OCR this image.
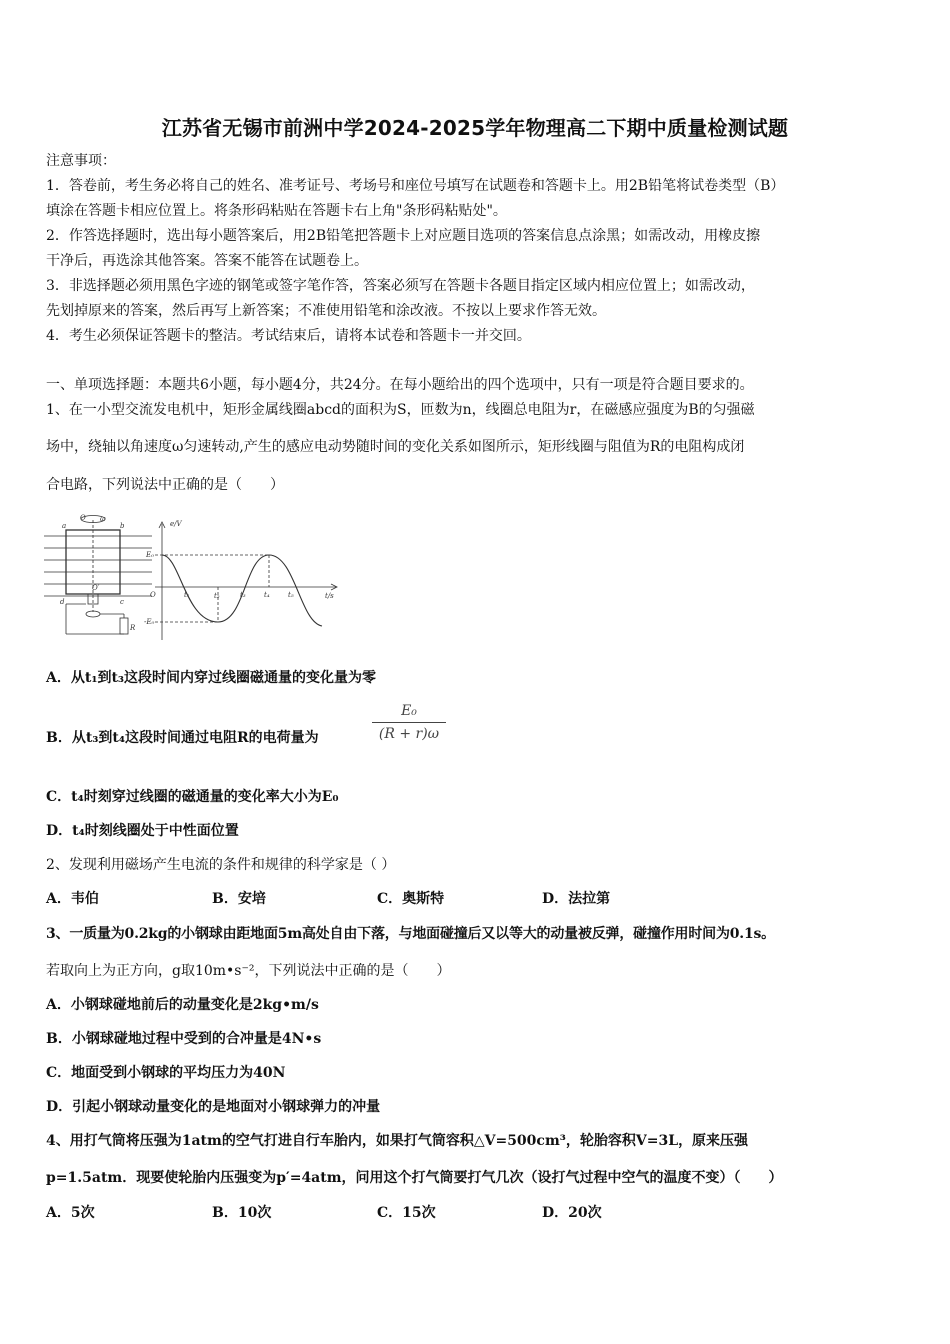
江苏省无锡市前洲中学2024-2025学年物理高二下期中质量检测试题
注意事项：
1．答卷前，考生务必将自己的姓名、准考证号、考场号和座位号填写在试题卷和答题卡上。用2B铅笔将试卷类型（B）
填涂在答题卡相应位置上。将条形码粘贴在答题卡右上角"条形码粘贴处"。
2．作答选择题时，选出每小题答案后，用2B铅笔把答题卡上对应题目选项的答案信息点涂黑；如需改动，用橡皮擦
干净后，再选涂其他答案。答案不能答在试题卷上。
3．非选择题必须用黑色字迹的钢笔或签字笔作答，答案必须写在答题卡各题目指定区域内相应位置上；如需改动，
先划掉原来的答案，然后再写上新答案；不准使用铅笔和涂改液。不按以上要求作答无效。
4．考生必须保证答题卡的整洁。考试结束后，请将本试卷和答题卡一并交回。
一、单项选择题：本题共6小题，每小题4分，共24分。在每小题给出的四个选项中，只有一项是符合题目要求的。
1、在一小型交流发电机中，矩形金属线圈abcd的面积为S，匝数为n，线圈总电阻为r，在磁感应强度为B的匀强磁
场中，绕轴以角速度ω匀速转动,产生的感应电动势随时间的变化关系如图所示，矩形线圈与阻值为R的电阻构成闭
合电路，下列说法中正确的是（　　）
O ω
a	b
c
d
O′
R
e/V
E₀
-E₀
O	t/s
t₁	t₂	t₃	t₄	t₅
A．从t₁到t₃这段时间内穿过线圈磁通量的变化量为零
B．从t₃到t₄这段时间通过电阻R的电荷量为
E₀
(R + r)ω
C．t₄时刻穿过线圈的磁通量的变化率大小为E₀
D．t₄时刻线圈处于中性面位置
2、发现利用磁场产生电流的条件和规律的科学家是（ ）
A．韦伯	B．安培	C．奥斯特	D．法拉第
3、一质量为0.2kg的小钢球由距地面5m高处自由下落，与地面碰撞后又以等大的动量被反弹，碰撞作用时间为0.1s。
若取向上为正方向，g取10m•s⁻²，下列说法中正确的是（　　）
A．小钢球碰地前后的动量变化是2kg•m/s
B．小钢球碰地过程中受到的合冲量是4N•s
C．地面受到小钢球的平均压力为40N
D．引起小钢球动量变化的是地面对小钢球弹力的冲量
4、用打气筒将压强为1atm的空气打进自行车胎内，如果打气筒容积△V=500cm³，轮胎容积V=3L，原来压强
p=1.5atm．现要使轮胎内压强变为p′=4atm，问用这个打气筒要打气几次（设打气过程中空气的温度不变）（　　）
A．5次	B．10次	C．15次	D．20次
